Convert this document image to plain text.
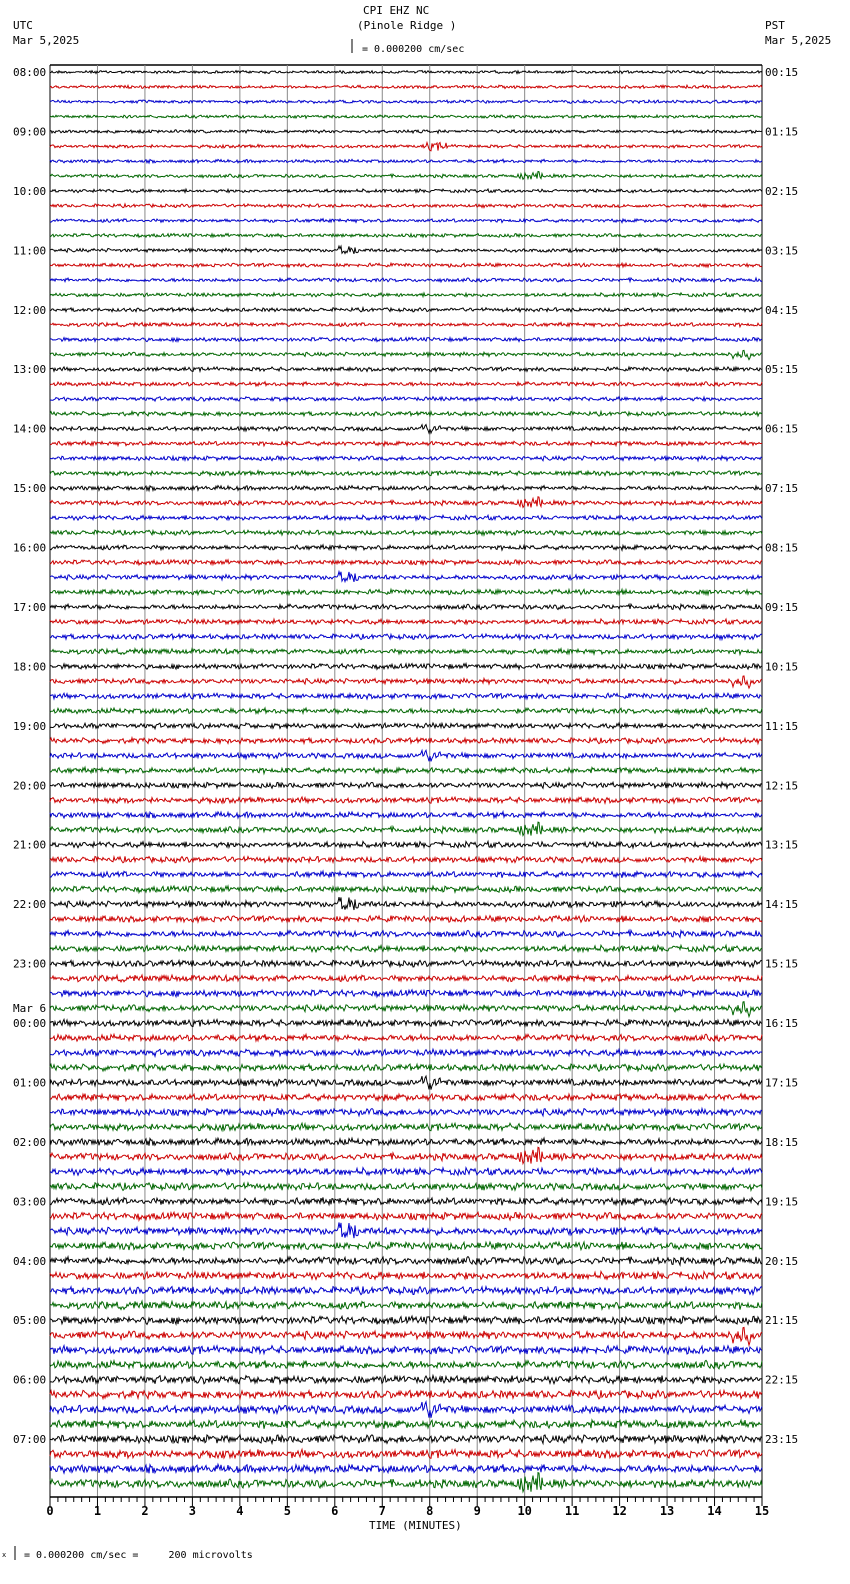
CPI EHZ NC
(Pinole Ridge )
UTC
Mar 5,2025
PST
Mar 5,2025
= 0.000200 cm/sec
TIME (MINUTES)
x = 0.000200 cm/sec =     200 microvolts
0	1	2	3	4	5	6	7	8	9	10	11	12	13	14	15
08:00
09:00
10:00
11:00
12:00
13:00
14:00
15:00
16:00
17:00
18:00
19:00
20:00
21:00
22:00
23:00
00:00
01:00
02:00
03:00
04:00
05:00
06:00
07:00
00:15
01:15
02:15
03:15
04:15
05:15
06:15
07:15
08:15
09:15
10:15
11:15
12:15
13:15
14:15
15:15
16:15
17:15
18:15
19:15
20:15
21:15
22:15
23:15
Mar 6
